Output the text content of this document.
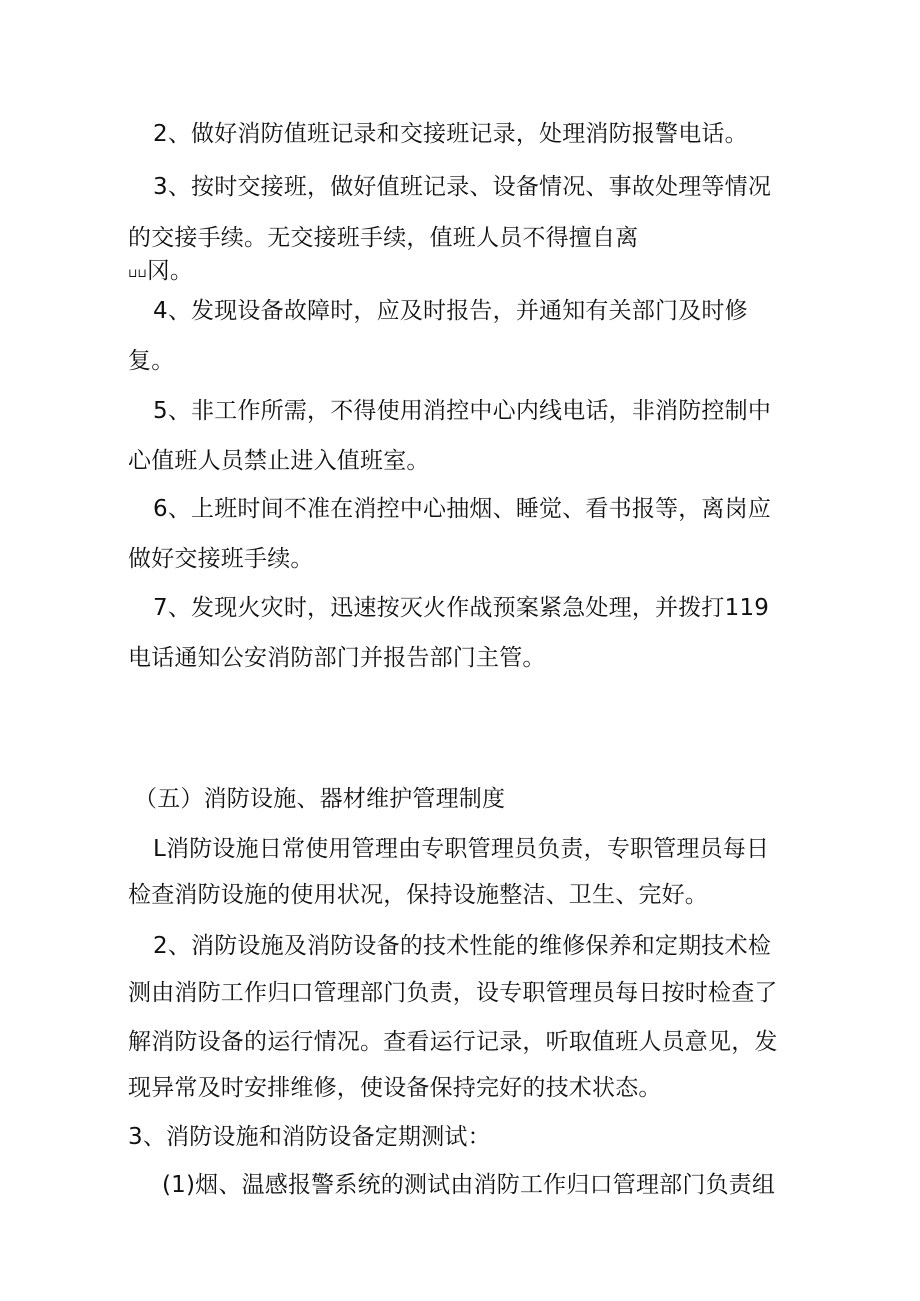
2、做好消防值班记录和交接班记录，处理消防报警电话。

3、按时交接班，做好值班记录、设备情况、事故处理等情况

的交接手续。无交接班手续，值班人员不得擅自离

⊔⊔冈。

4、发现设备故障时，应及时报告，并通知有关部门及时修

复。

5、非工作所需，不得使用消控中心内线电话，非消防控制中

心值班人员禁止进入值班室。

6、上班时间不准在消控中心抽烟、睡觉、看书报等，离岗应

做好交接班手续。

7、发现火灾时，迅速按灭火作战预案紧急处理，并拨打119

电话通知公安消防部门并报告部门主管。

（五）消防设施、器材维护管理制度

L消防设施日常使用管理由专职管理员负责，专职管理员每日

检查消防设施的使用状况，保持设施整洁、卫生、完好。

2、消防设施及消防设备的技术性能的维修保养和定期技术检

测由消防工作归口管理部门负责，设专职管理员每日按时检查了

解消防设备的运行情况。查看运行记录，听取值班人员意见，发

现异常及时安排维修，使设备保持完好的技术状态。

3、消防设施和消防设备定期测试：

(1)烟、温感报警系统的测试由消防工作归口管理部门负责组
